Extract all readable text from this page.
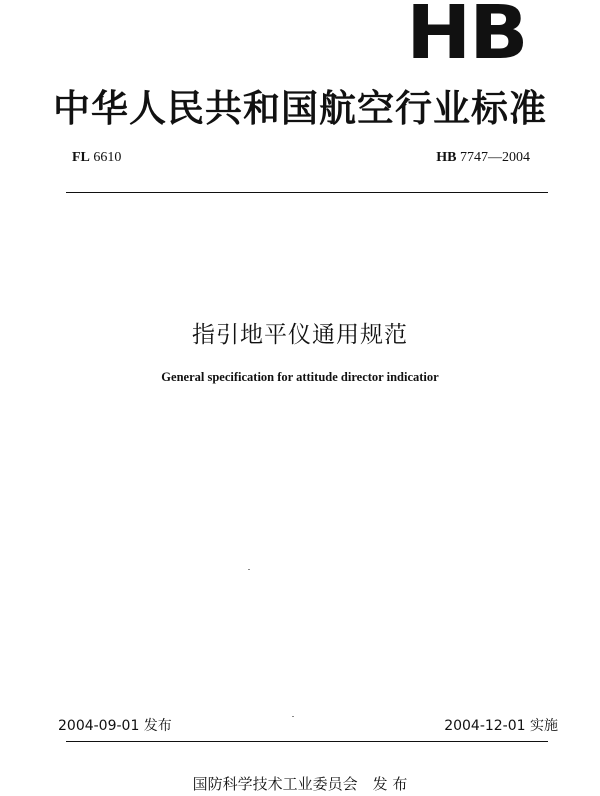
HB
中华人民共和国航空行业标准
FL 6610	HB 7747—2004
指引地平仪通用规范
General specification for attitude director indicatior
2004-09-01 发布	2004-12-01 实施
国防科学技术工业委员会　发 布
